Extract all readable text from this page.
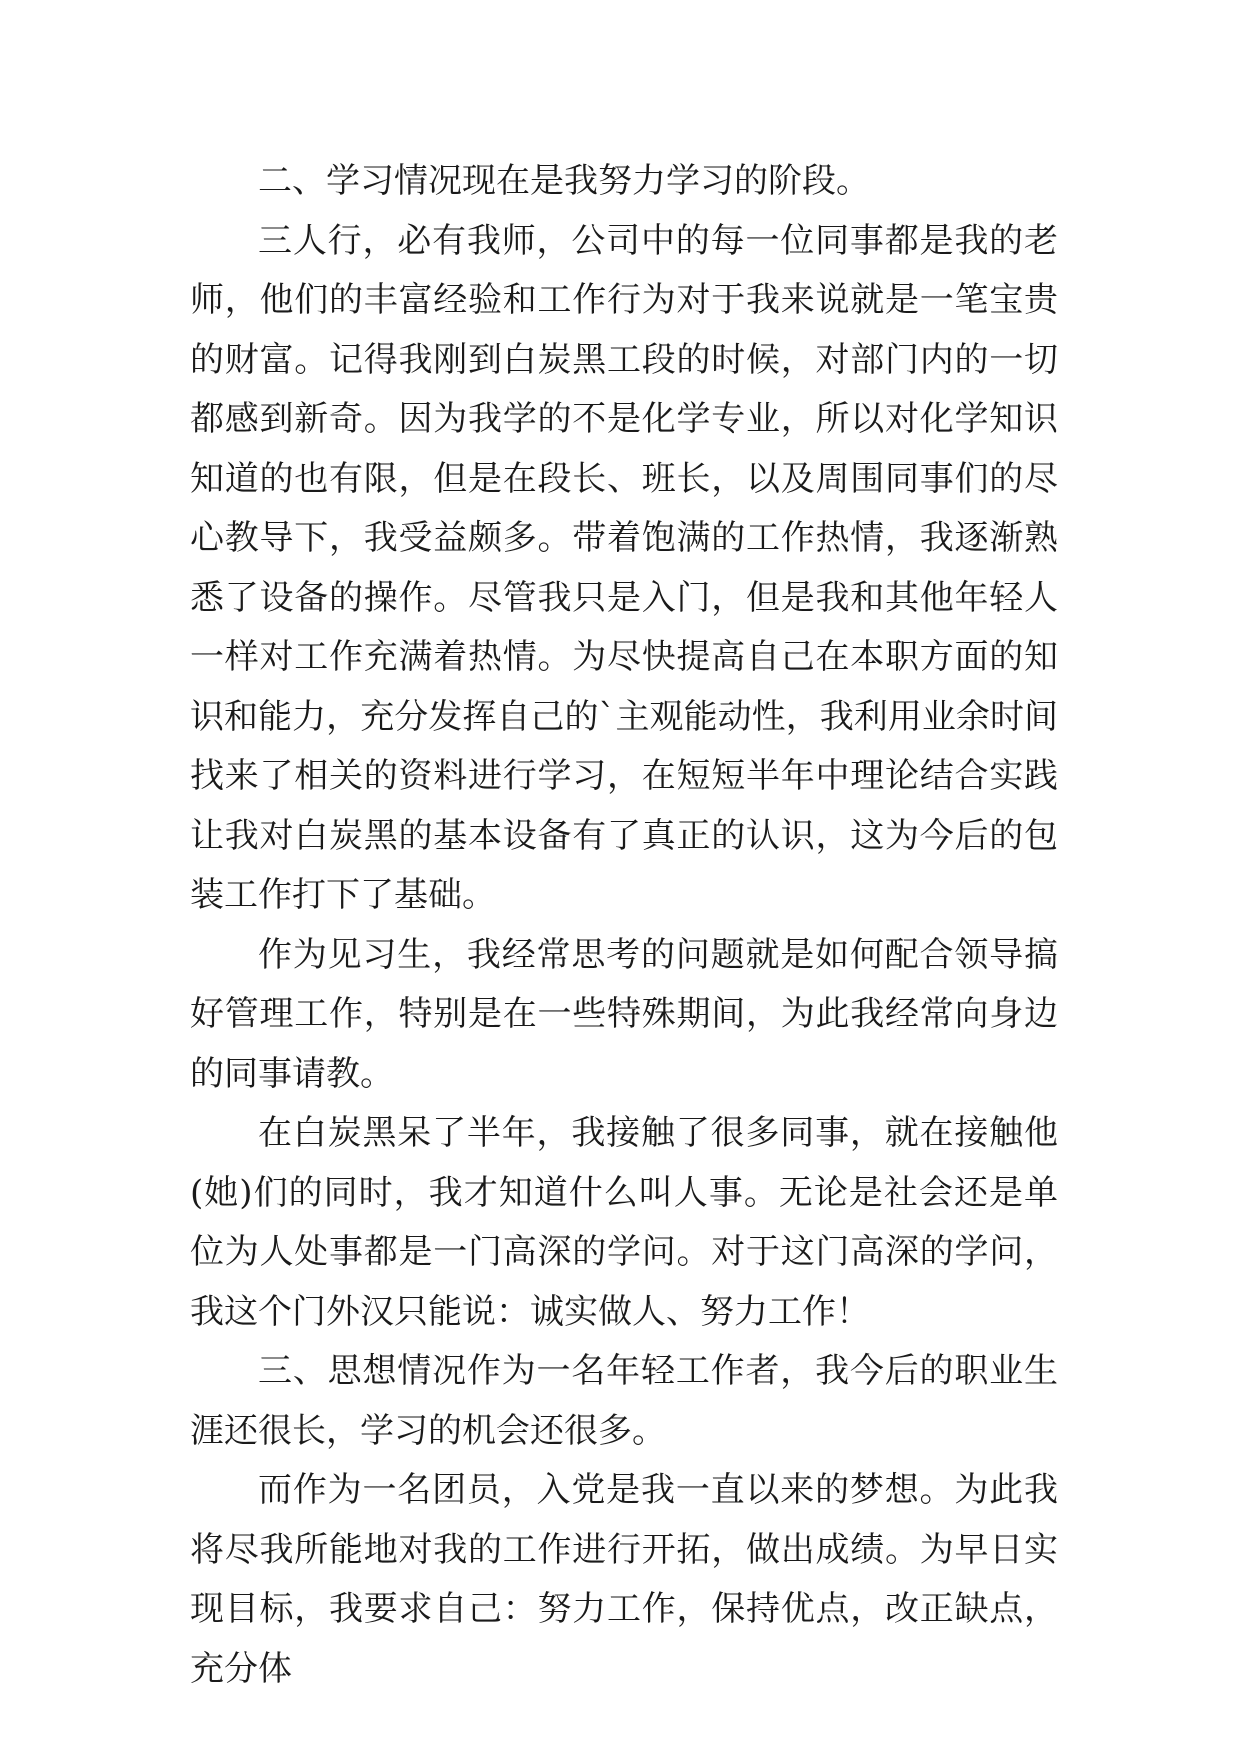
二、学习情况现在是我努力学习的阶段。

三人行，必有我师，公司中的每一位同事都是我的老师，他们的丰富经验和工作行为对于我来说就是一笔宝贵的财富。记得我刚到白炭黑工段的时候，对部门内的一切都感到新奇。因为我学的不是化学专业，所以对化学知识知道的也有限，但是在段长、班长，以及周围同事们的尽心教导下，我受益颇多。带着饱满的工作热情，我逐渐熟悉了设备的操作。尽管我只是入门，但是我和其他年轻人一样对工作充满着热情。为尽快提高自己在本职方面的知识和能力，充分发挥自己的`主观能动性，我利用业余时间找来了相关的资料进行学习，在短短半年中理论结合实践让我对白炭黑的基本设备有了真正的认识，这为今后的包装工作打下了基础。

作为见习生，我经常思考的问题就是如何配合领导搞好管理工作，特别是在一些特殊期间，为此我经常向身边的同事请教。

在白炭黑呆了半年，我接触了很多同事，就在接触他(她)们的同时，我才知道什么叫人事。无论是社会还是单位为人处事都是一门高深的学问。对于这门高深的学问，我这个门外汉只能说：诚实做人、努力工作！

三、思想情况作为一名年轻工作者，我今后的职业生涯还很长，学习的机会还很多。

而作为一名团员，入党是我一直以来的梦想。为此我将尽我所能地对我的工作进行开拓，做出成绩。为早日实现目标，我要求自己：努力工作，保持优点，改正缺点，充分体
